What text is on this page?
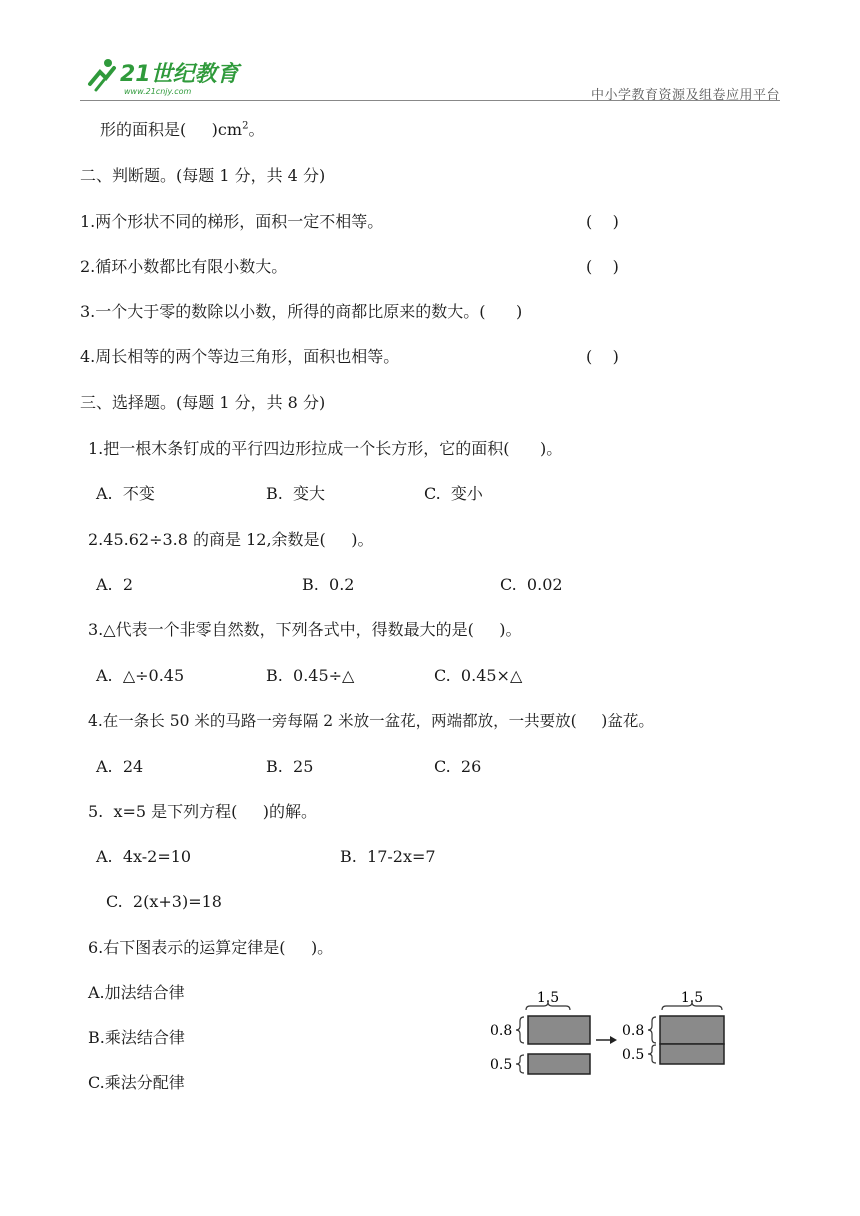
21世纪教育
www.21cnjy.com	中小学教育资源及组卷应用平台
形的面积是(     )$cm^2$。
二、判断题。(每题 1 分，共 4 分)
1.两个形状不同的梯形，面积一定不相等。	(    )
2.循环小数都比有限小数大。	(    )
3.一个大于零的数除以小数，所得的商都比原来的数大。(      )
4.周长相等的两个等边三角形，面积也相等。	(    )
三、选择题。(每题 1 分，共 8 分)
1.把一根木条钉成的平行四边形拉成一个长方形，它的面积(      )。
A.  不变	B.  变大	C.  变小
2.45.62÷3.8 的商是 12,余数是(     )。
A.  2	B.  0.2	C.  0.02
3.△代表一个非零自然数，下列各式中，得数最大的是(     )。
A.  △÷0.45	B.  0.45÷△	C.  0.45×△
4.在一条长 50 米的马路一旁每隔 2 米放一盆花，两端都放，一共要放(     )盆花。
A.  24	B.  25	C.  26
5.  x=5 是下列方程(     )的解。
A.  4x-2=10	B.  17-2x=7
C.  2(x+3)=18
6.右下图表示的运算定律是(     )。
A.加法结合律
B.乘法结合律
C.乘法分配律
1.5
0.8
0.5
1.5
0.8
0.5
